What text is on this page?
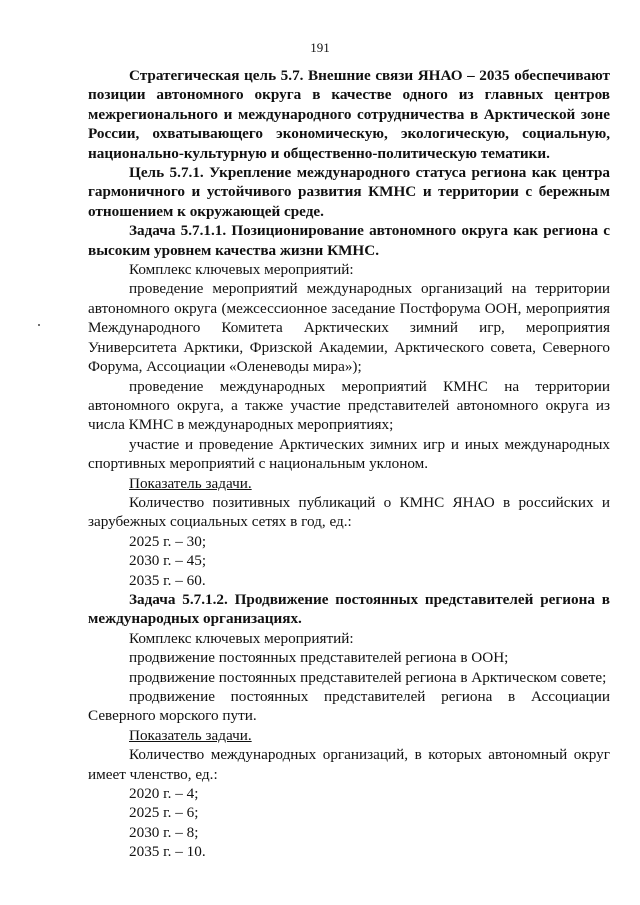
191

Стратегическая цель 5.7. Внешние связи ЯНАО – 2035 обеспечивают позиции автономного округа в качестве одного из главных центров межрегионального и международного сотрудничества в Арктической зоне России, охватывающего экономическую, экологическую, социальную, национально-культурную и общественно-политическую тематики.

Цель 5.7.1. Укрепление международного статуса региона как центра гармоничного и устойчивого развития КМНС и территории с бережным отношением к окружающей среде.

Задача 5.7.1.1. Позиционирование автономного округа как региона с высоким уровнем качества жизни КМНС.

Комплекс ключевых мероприятий:

проведение мероприятий международных организаций на территории автономного округа (межсессионное заседание Постфорума ООН, мероприятия Международного Комитета Арктических зимний игр, мероприятия Университета Арктики, Фризской Академии, Арктического совета, Северного Форума, Ассоциации «Оленеводы мира»);

проведение международных мероприятий КМНС на территории автономного округа, а также участие представителей автономного округа из числа КМНС в международных мероприятиях;

участие и проведение Арктических зимних игр и иных международных спортивных мероприятий с национальным уклоном.

Показатель задачи.

Количество позитивных публикаций о КМНС ЯНАО в российских и зарубежных социальных сетях в год, ед.:

2025 г. – 30;

2030 г. – 45;

2035 г. – 60.

Задача 5.7.1.2. Продвижение постоянных представителей региона в международных организациях.

Комплекс ключевых мероприятий:

продвижение постоянных представителей региона в ООН;

продвижение постоянных представителей региона в Арктическом совете;

продвижение постоянных представителей региона в Ассоциации Северного морского пути.

Показатель задачи.

Количество международных организаций, в которых автономный округ имеет членство, ед.:

2020 г. – 4;

2025 г. – 6;

2030 г. – 8;

2035 г. – 10.
